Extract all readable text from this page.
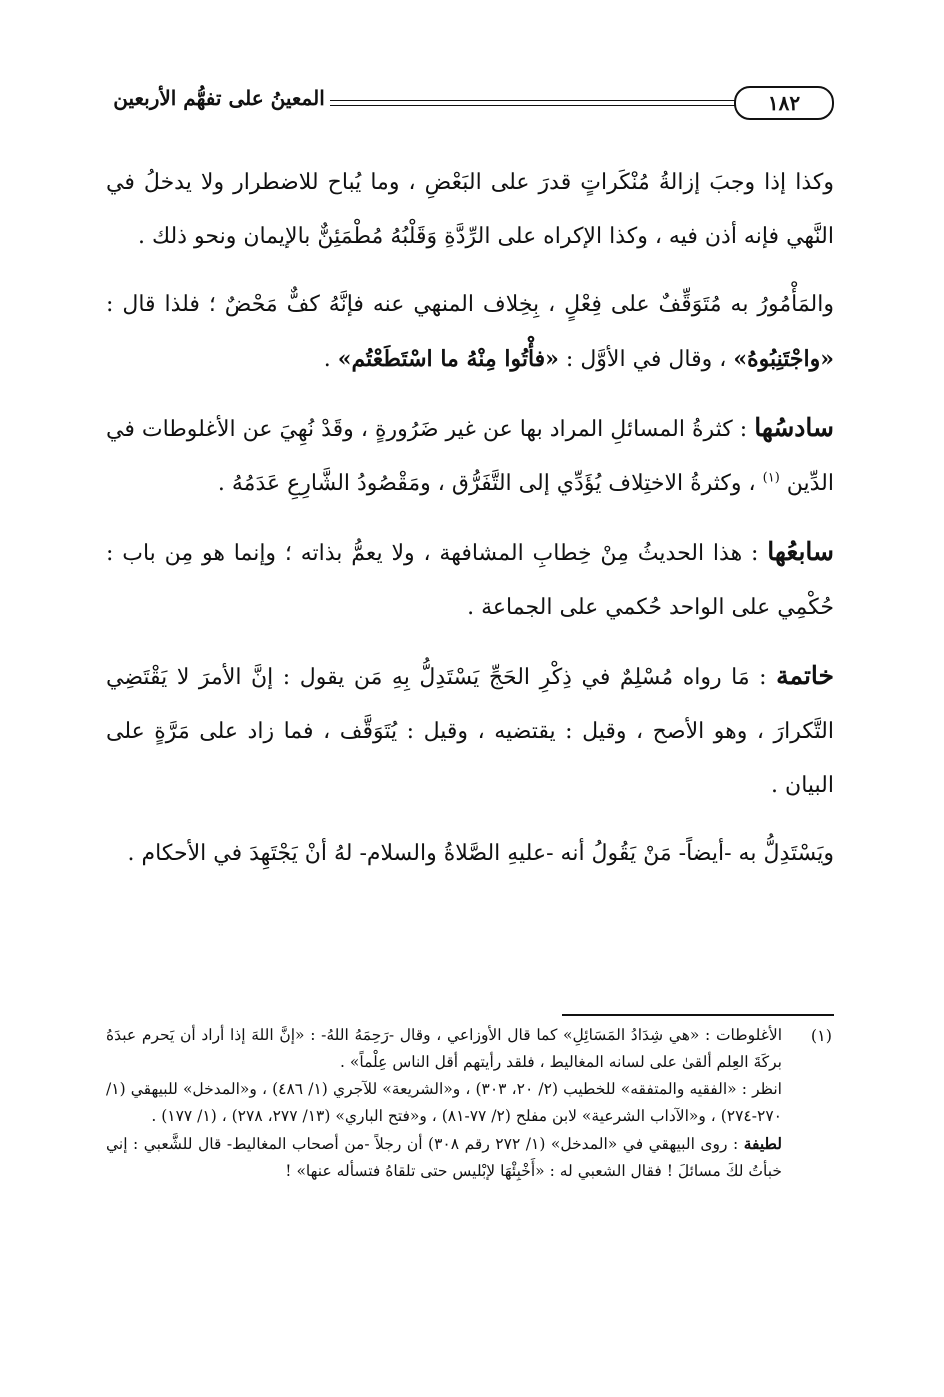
١٨٢
المعينُ على تفهُّم الأربعين

وكذا إذا وجبَ إزالةُ مُنْكَراتٍ قدرَ على البَعْضِ ، وما يُباح للاضطرار ولا يدخلُ في النَّهي فإنه أذن فيه ، وكذا الإكراه على الرِّدَّةِ وَقَلْبُهُ مُطْمَئِنٌّ بالإيمان ونحو ذلك .

والمَأْمُورُ به مُتَوَقِّفٌ على فِعْلٍ ، بِخِلاف المنهي عنه فإنَّهُ كفٌّ مَحْضٌ ؛ فلذا قال : «واجْتَنِبُوهُ» ، وقال في الأوَّل : «فأْتُوا مِنْهُ ما اسْتَطَعْتُم» .

سادسُها : كثرةُ المسائلِ المراد بها عن غير ضَرُورةٍ ، وقَدْ نُهِيَ عن الأغلوطات في الدِّين $^{(١)}$ ، وكثرةُ الاختِلاف يُؤَدِّي إلى التَّفَرُّق ، ومَقْصُودُ الشَّارِعِ عَدَمُهُ .

سابعُها : هذا الحديثُ مِنْ خِطابِ المشافهة ، ولا يعمُّ بذاته ؛ وإنما هو مِن باب : حُكْمِي على الواحد حُكمي على الجماعة .

خاتمة : مَا رواه مُسْلِمٌ في ذِكْرِ الحَجِّ يَسْتَدِلُّ بِهِ مَن يقول : إنَّ الأمرَ لا يَقْتَضِي التَّكرارَ ، وهو الأصح ، وقيل : يقتضيه ، وقيل : يُتَوَقَّف ، فما زاد على مَرَّةٍ على البيان .

ويَسْتَدِلُّ به -أيضاً- مَنْ يَقُولُ أنه -عليهِ الصَّلاةُ والسلام- لهُ أنْ يَجْتَهِدَ في الأحكام .

(١)

الأغلوطات : «هي شِدَادُ المَسَائِلِ» كما قال الأوزاعي ، وقال -رَحِمَهُ اللهُ- : «إنَّ اللهَ إذا أراد أن يَحرم عبدَهُ بركَةَ العِلم ألقىٰ على لسانه المغاليط ، فلقد رأيتهم أقل الناس عِلْماً» .

انظر : «الفقيه والمتفقه» للخطيب (٢/ ٢٠، ٣٠٣) ، و«الشريعة» للآجري (١/ ٤٨٦) ، و«المدخل» للبيهقي (١/ ٢٧٠-٢٧٤) ، و«الآداب الشرعية» لابن مفلح (٢/ ٧٧-٨١) ، و«فتح الباري» (١٣/ ٢٧٧، ٢٧٨) ، (١/ ١٧٧) .

لطيفة : روى البيهقي في «المدخل» (١/ ٢٧٢ رقم ٣٠٨) أن رجلاً -من أصحاب المغاليط- قال للشَّعبي : إني خبأتُ لكَ مسائلَ ! فقال الشعبي له : «أَخْبِئْهَا لإبْليس حتى تلقاهُ فتسأله عنها» !
